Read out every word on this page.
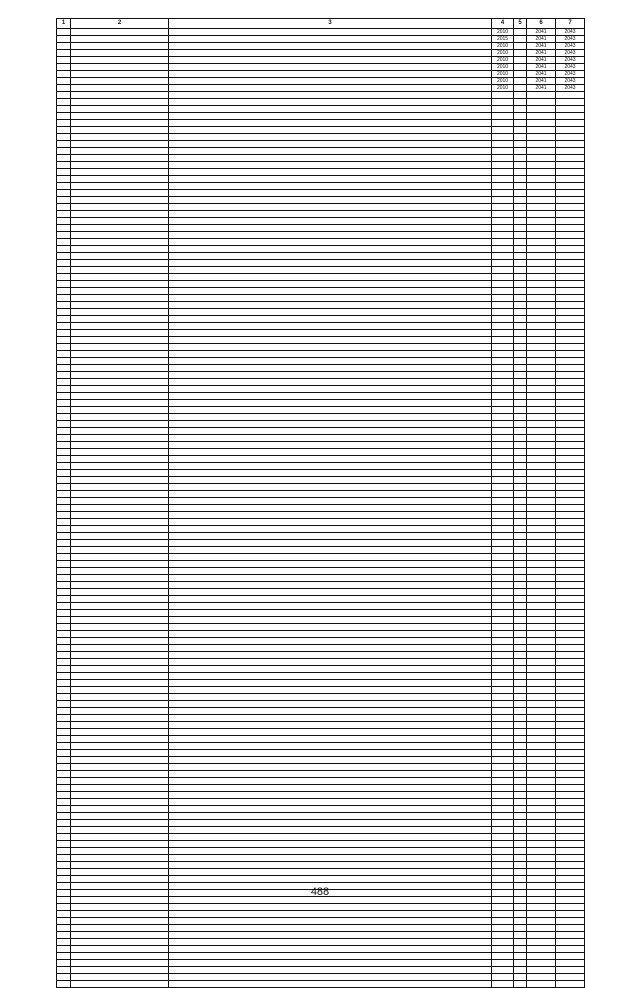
1	2	3	4	5	6	7
			2010		2041	2043
			2015		2041	2043
			2010		2041	2043
			2010		2041	2043
			2010		2041	2043
			2010		2041	2043
			2010		2041	2043
			2010		2041	2043
			2010		2041	2043

488
